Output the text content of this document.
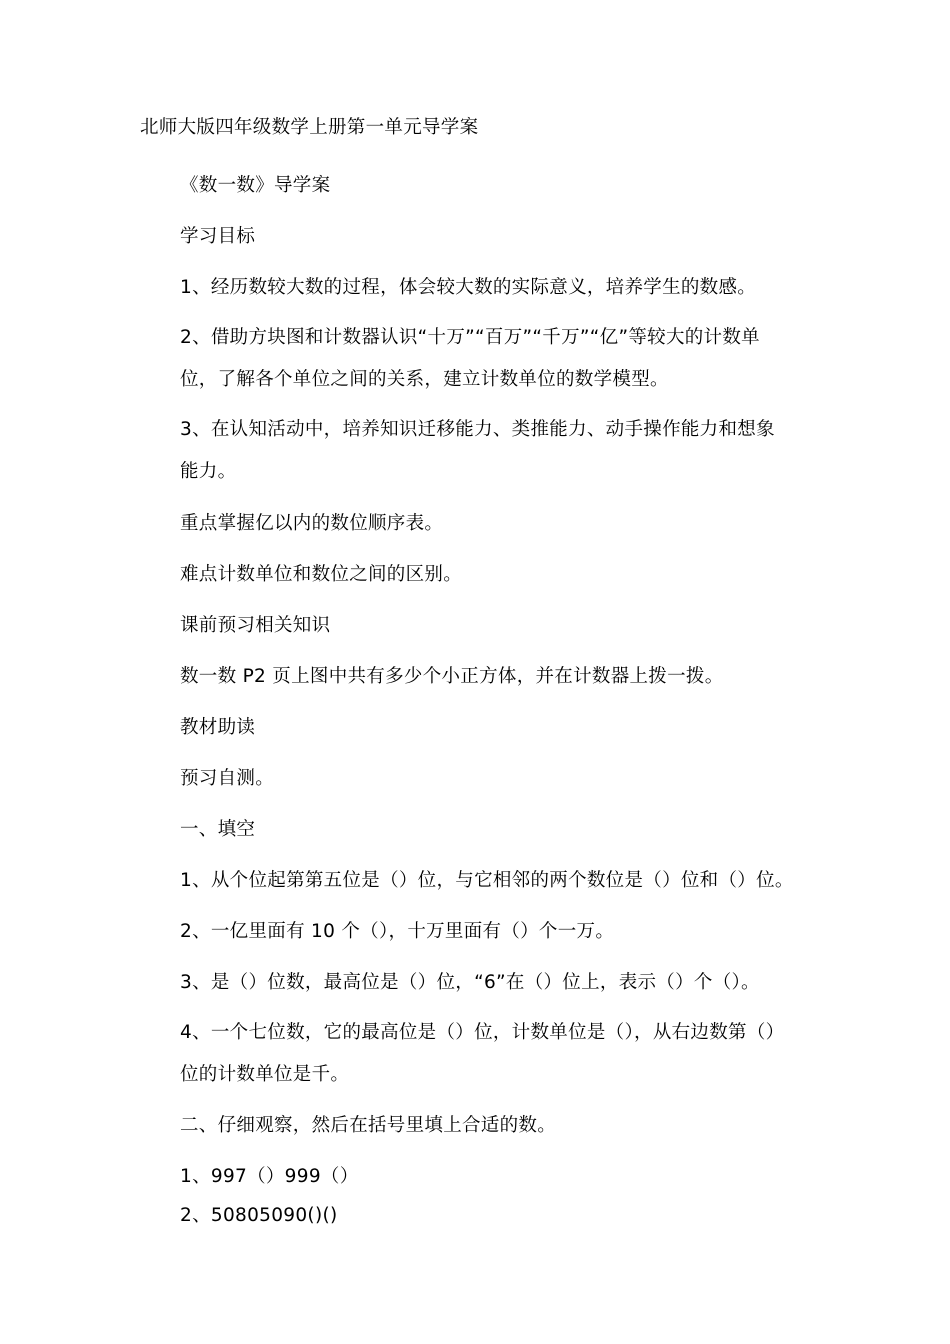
北师大版四年级数学上册第一单元导学案
《数一数》导学案
学习目标
1、经历数较大数的过程，体会较大数的实际意义，培养学生的数感。
2、借助方块图和计数器认识“十万”“百万”“千万”“亿”等较大的计数单位，了解各个单位之间的关系，建立计数单位的数学模型。
3、在认知活动中，培养知识迁移能力、类推能力、动手操作能力和想象能力。
重点掌握亿以内的数位顺序表。
难点计数单位和数位之间的区别。
课前预习相关知识
数一数 P2 页上图中共有多少个小正方体，并在计数器上拨一拨。
教材助读
预习自测。
一、填空
1、从个位起第第五位是（）位，与它相邻的两个数位是（）位和（）位。
2、一亿里面有 10 个（），十万里面有（）个一万。
3、是（）位数，最高位是（）位，“6”在（）位上，表示（）个（）。
4、一个七位数，它的最高位是（）位，计数单位是（），从右边数第（）位的计数单位是千。
二、仔细观察，然后在括号里填上合适的数。
1、997（）999（）
2、50805090()()
